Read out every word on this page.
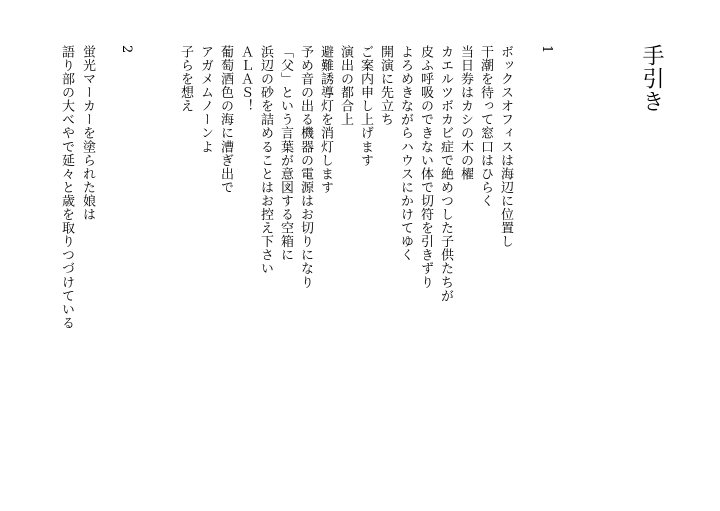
手引き
1
ボックスオフィスは海辺に位置し
干潮を待って窓口はひらく
当日券はカシの木の櫂
カエルツボカビ症で絶めつした子供たちが
皮ふ呼吸のできない体で切符を引きずり
よろめきながらハウスにかけてゆく
開演に先立ち
ご案内申し上げます
演出の都合上
避難誘導灯を消灯します
予め音の出る機器の電源はお切りになり
「父」という言葉が意図する空箱に
浜辺の砂を詰めることはお控え下さい
ＡＬＡＳ！
葡萄酒色の海に漕ぎ出で
アガメムノーンよ
子らを想え
2
蛍光マーカーを塗られた娘は
語り部の大べやで延々と歳を取りつづけている
